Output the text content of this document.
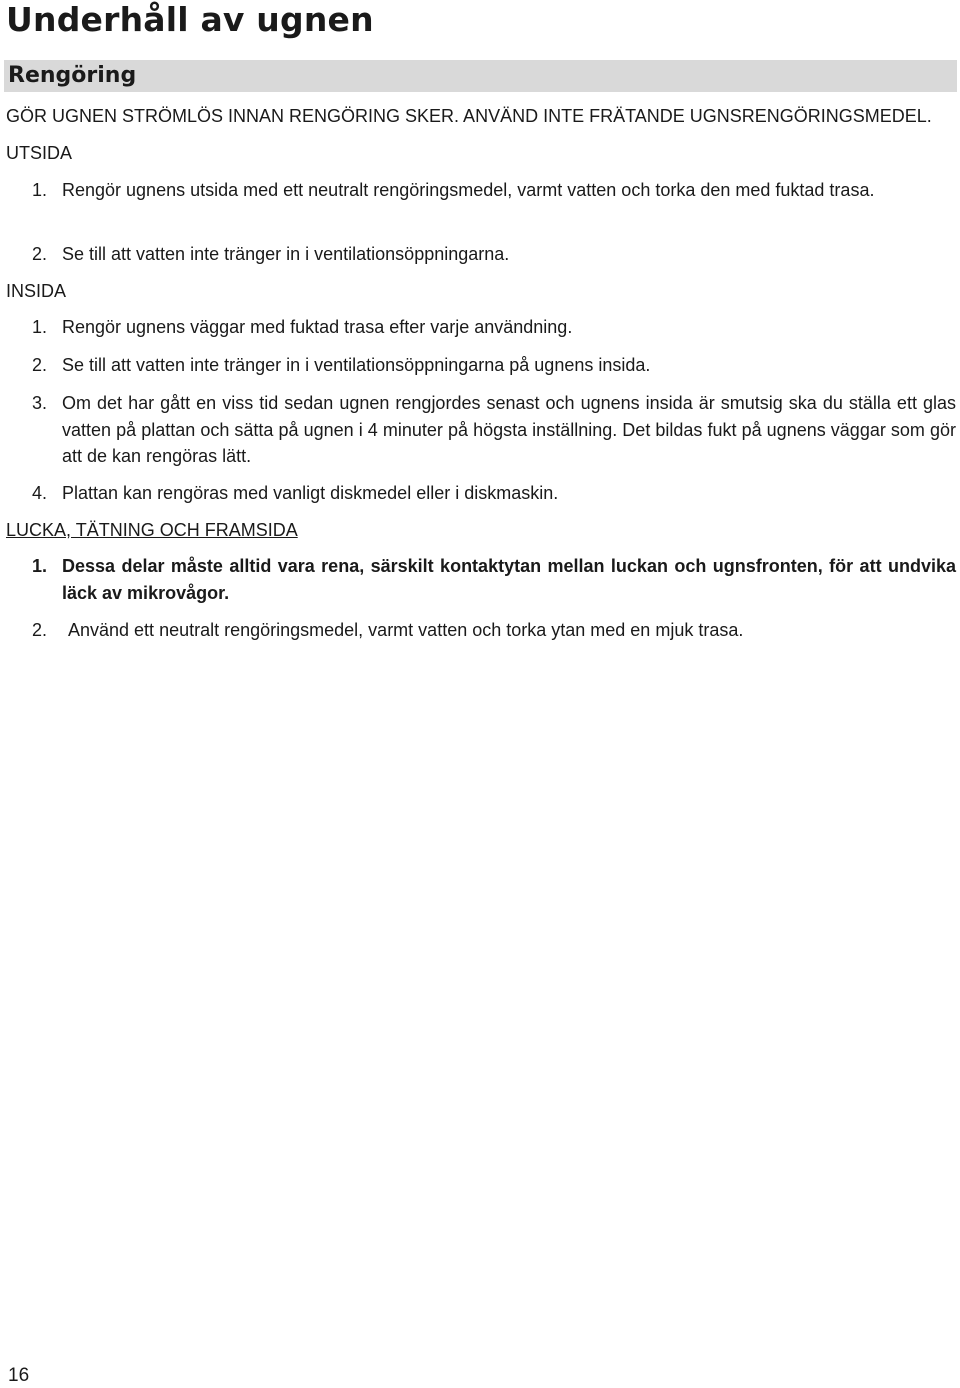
Underhåll av ugnen
Rengöring
GÖR UGNEN STRÖMLÖS INNAN RENGÖRING SKER. ANVÄND INTE FRÄTANDE UGNSRENGÖRINGSMEDEL.
UTSIDA
1. Rengör ugnens utsida med ett neutralt rengöringsmedel, varmt vatten och torka den med fuktad trasa.
2. Se till att vatten inte tränger in i ventilationsöppningarna.
INSIDA
1. Rengör ugnens väggar med fuktad trasa efter varje användning.
2. Se till att vatten inte tränger in i ventilationsöppningarna på ugnens insida.
3. Om det har gått en viss tid sedan ugnen rengjordes senast och ugnens insida är smutsig ska du ställa ett glas vatten på plattan och sätta på ugnen i 4 minuter på högsta inställning. Det bildas fukt på ugnens väggar som gör att de kan rengöras lätt.
4. Plattan kan rengöras med vanligt diskmedel eller i diskmaskin.
LUCKA, TÄTNING OCH FRAMSIDA
1. Dessa delar måste alltid vara rena, särskilt kontaktytan mellan luckan och ugnsfronten, för att undvika läck av mikrovågor.
2.	Använd ett neutralt rengöringsmedel, varmt vatten och torka ytan med en mjuk trasa.
16
